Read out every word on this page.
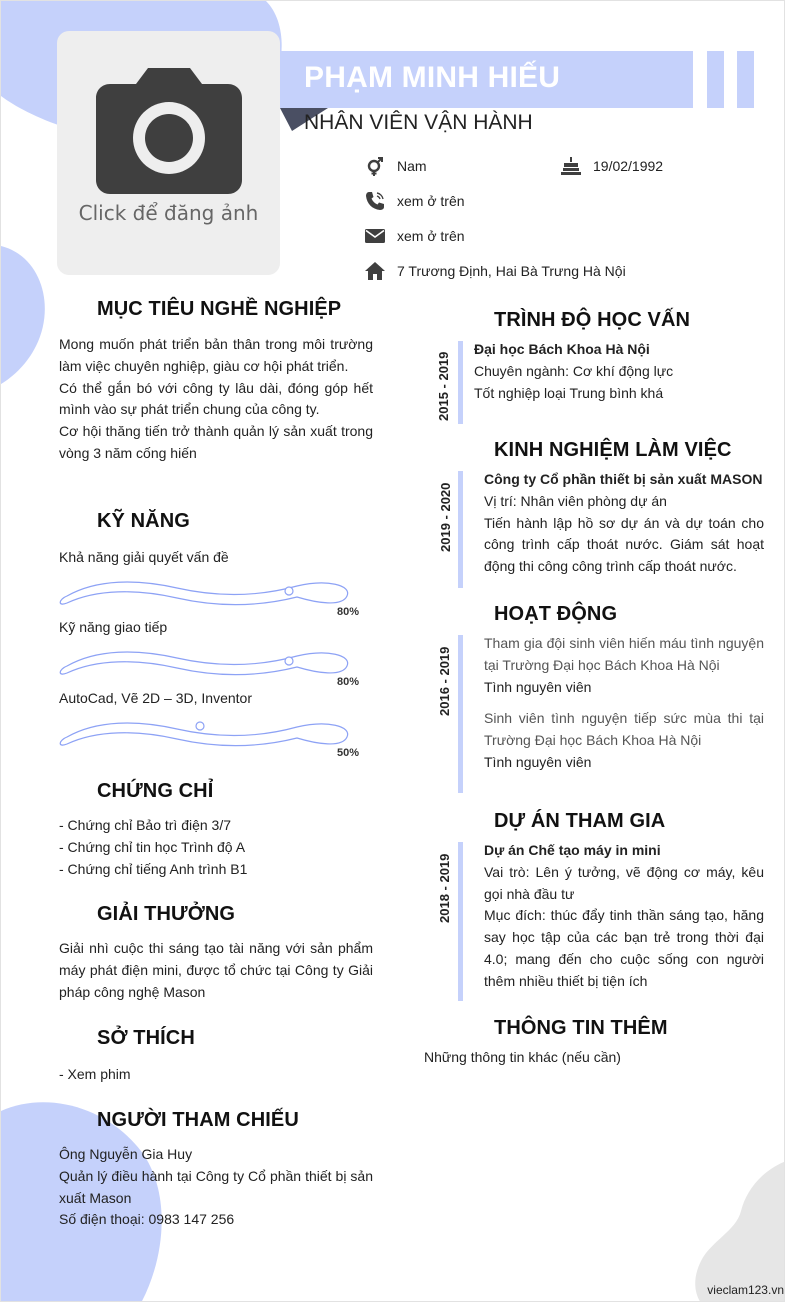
Click để đăng ảnh
PHẠM MINH HIẾU
NHÂN VIÊN VẬN HÀNH
Nam	19/02/1992
xem ở trên
xem ở trên
7 Trương Định, Hai Bà Trưng Hà Nội
MỤC TIÊU NGHỀ NGHIỆP
Mong muốn phát triển bản thân trong môi trường làm việc chuyên nghiệp, giàu cơ hội phát triển.
Có thể gắn bó với công ty lâu dài, đóng góp hết mình vào sự phát triển chung của công ty.
Cơ hội thăng tiến trở thành quản lý sản xuất trong vòng 3 năm cống hiến
KỸ NĂNG
Khả năng giải quyết vấn đề
80%
Kỹ năng giao tiếp
80%
AutoCad, Vẽ 2D – 3D, Inventor
50%
CHỨNG CHỈ
- Chứng chỉ Bảo trì điện 3/7
- Chứng chỉ tin học Trình độ A
- Chứng chỉ tiếng Anh trình B1
GIẢI THƯỞNG
Giải nhì cuộc thi sáng tạo tài năng với sản phẩm máy phát điện mini, được tổ chức tại Công ty Giải pháp công nghệ Mason
SỞ THÍCH
- Xem phim
NGƯỜI THAM CHIẾU
Ông Nguyễn Gia Huy
Quản lý điều hành tại Công ty Cổ phần thiết bị sản xuất Mason
Số điện thoại: 0983 147 256
TRÌNH ĐỘ HỌC VẤN
2015 - 2019
Đại học Bách Khoa Hà Nội
Chuyên ngành: Cơ khí động lực
Tốt nghiệp loại Trung bình khá
KINH NGHIỆM LÀM VIỆC
2019 - 2020
Công ty Cổ phần thiết bị sản xuất MASON
Vị trí: Nhân viên phòng dự án
Tiến hành lập hồ sơ dự án và dự toán cho công trình cấp thoát nước. Giám sát hoạt động thi công công trình cấp thoát nước.
HOẠT ĐỘNG
2016 - 2019
Tham gia đội sinh viên hiến máu tình nguyện tại Trường Đại học Bách Khoa Hà Nội
Tình nguyên viên
Sinh viên tình nguyện tiếp sức mùa thi tại Trường Đại học Bách Khoa Hà Nội
Tình nguyên viên
DỰ ÁN THAM GIA
2018 - 2019
Dự án Chế tạo máy in mini
Vai trò: Lên ý tưởng, vẽ động cơ máy, kêu gọi nhà đầu tư
Mục đích: thúc đẩy tinh thần sáng tạo, hăng say học tập của các bạn trẻ trong thời đại 4.0; mang đến cho cuộc sống con người thêm nhiều thiết bị tiện ích
THÔNG TIN THÊM
Những thông tin khác (nếu cần)
vieclam123.vn
